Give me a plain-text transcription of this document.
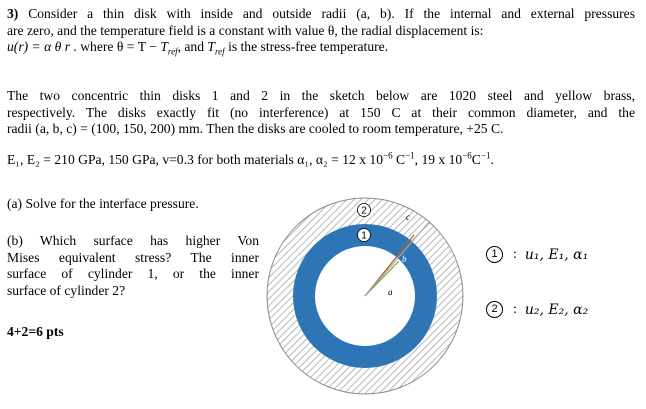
3) Consider a thin disk with inside and outside radii (a, b). If the internal and external pressures
are zero, and the temperature field is a constant with value θ, the radial displacement is:
u(r) = α θ r . where $\theta = T - T_{ref}$, and $T_{ref}$ is the stress-free temperature.
The two concentric thin disks 1 and 2 in the sketch below are 1020 steel and yellow brass,
respectively. The disks exactly fit (no interference) at 150 C at their common diameter, and the
radii (a, b, c) = (100, 150, 200) mm. Then the disks are cooled to room temperature, +25 C.
E₁, E₂ = 210 GPa, 150 GPa, v=0.3 for both materials α₁, α₂ = 12 x $10^{-6}$ $C^{-1}$, 19 x $10^{-6}C^{-1}$.
(a) Solve for the interface pressure.
(b) Which surface has higher Von
Mises equivalent stress? The inner
surface of cylinder 1, or the inner
surface of cylinder 2?
4+2=6 pts
a
b
c
2
1
1	: u₁, E₁, α₁
2	: u₂, E₂, α₂
